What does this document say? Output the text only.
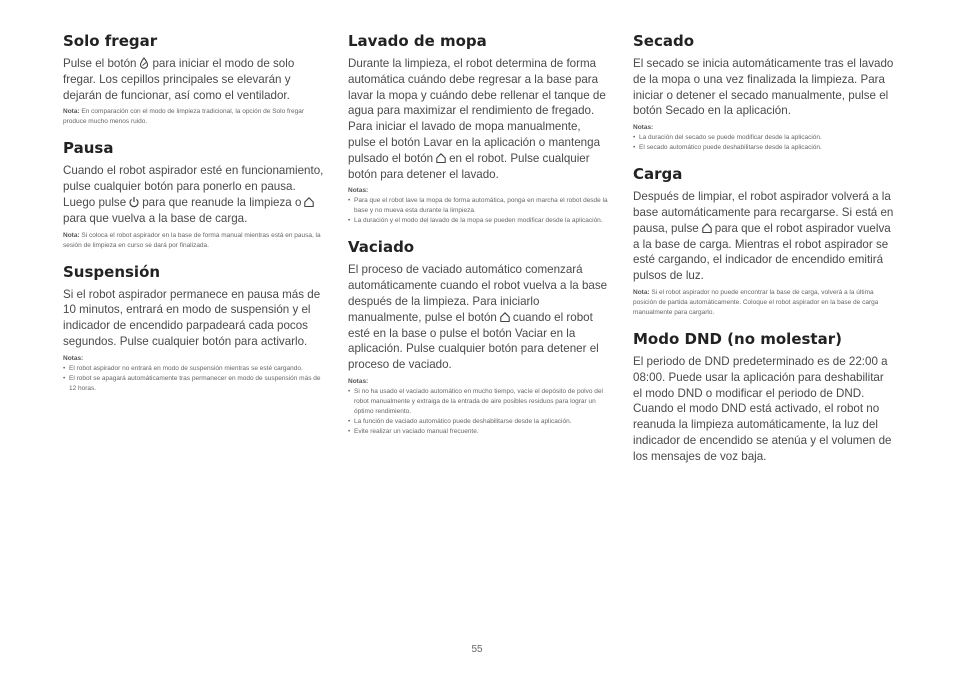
Solo fregar

Pulse el botón para iniciar el modo de solo fregar. Los cepillos principales se elevarán y dejarán de funcionar, así como el ventilador.

Nota: En comparación con el modo de limpieza tradicional, la opción de Solo fregar produce mucho menos ruido.

Pausa

Cuando el robot aspirador esté en funcionamiento, pulse cualquier botón para ponerlo en pausa. Luego pulse para que reanude la limpieza o
para que vuelva a la base de carga.

Nota: Si coloca el robot aspirador en la base de forma manual mientras está en pausa, la sesión de limpieza en curso se dará por finalizada.

Suspensión

Si el robot aspirador permanece en pausa más de 10 minutos, entrará en modo de suspensión y el indicador de encendido parpadeará cada pocos segundos. Pulse cualquier botón para activarlo.

Notas:
• El robot aspirador no entrará en modo de suspensión mientras se esté cargando.
• El robot se apagará automáticamente tras permanecer en modo de suspensión más de 12 horas.
Lavado de mopa

Durante la limpieza, el robot determina de forma automática cuándo debe regresar a la base para lavar la mopa y cuándo debe rellenar el tanque de agua para maximizar el rendimiento de fregado. Para iniciar el lavado de mopa manualmente, pulse el botón Lavar en la aplicación o mantenga pulsado el botón en el robot. Pulse cualquier botón para detener el lavado.

Notas:
• Para que el robot lave la mopa de forma automática, ponga en marcha el robot desde la base y no mueva esta durante la limpieza.
• La duración y el modo del lavado de la mopa se pueden modificar desde la aplicación.
Vaciado

El proceso de vaciado automático comenzará automáticamente cuando el robot vuelva a la base después de la limpieza. Para iniciarlo manualmente, pulse el botón cuando el robot esté en la base o pulse el botón Vaciar en la aplicación. Pulse cualquier botón para detener el proceso de vaciado.

Notas:
• Si no ha usado el vaciado automático en mucho tiempo, vacíe el depósito de polvo del robot manualmente y extraiga de la entrada de aire posibles residuos para lograr un óptimo rendimiento.
• La función de vaciado automático puede deshabilitarse desde la aplicación.
• Evite realizar un vaciado manual frecuente.
Secado

El secado se inicia automáticamente tras el lavado de la mopa o una vez finalizada la limpieza. Para iniciar o detener el secado manualmente, pulse el botón Secado en la aplicación.

Notas:
• La duración del secado se puede modificar desde la aplicación.
• El secado automático puede deshabilitarse desde la aplicación.
Carga

Después de limpiar, el robot aspirador volverá a la base automáticamente para recargarse. Si está en pausa, pulse para que el robot aspirador vuelva a la base de carga. Mientras el robot aspirador se esté cargando, el indicador de encendido emitirá pulsos de luz.

Nota: Si el robot aspirador no puede encontrar la base de carga, volverá a la última posición de partida automáticamente. Coloque el robot aspirador en la base de carga manualmente para cargarlo.

Modo DND (no molestar)

El periodo de DND predeterminado es de 22:00 a 08:00. Puede usar la aplicación para deshabilitar el modo DND o modificar el periodo de DND. Cuando el modo DND está activado, el robot no reanuda la limpieza automáticamente, la luz del indicador de encendido se atenúa y el volumen de los mensajes de voz baja.

55
